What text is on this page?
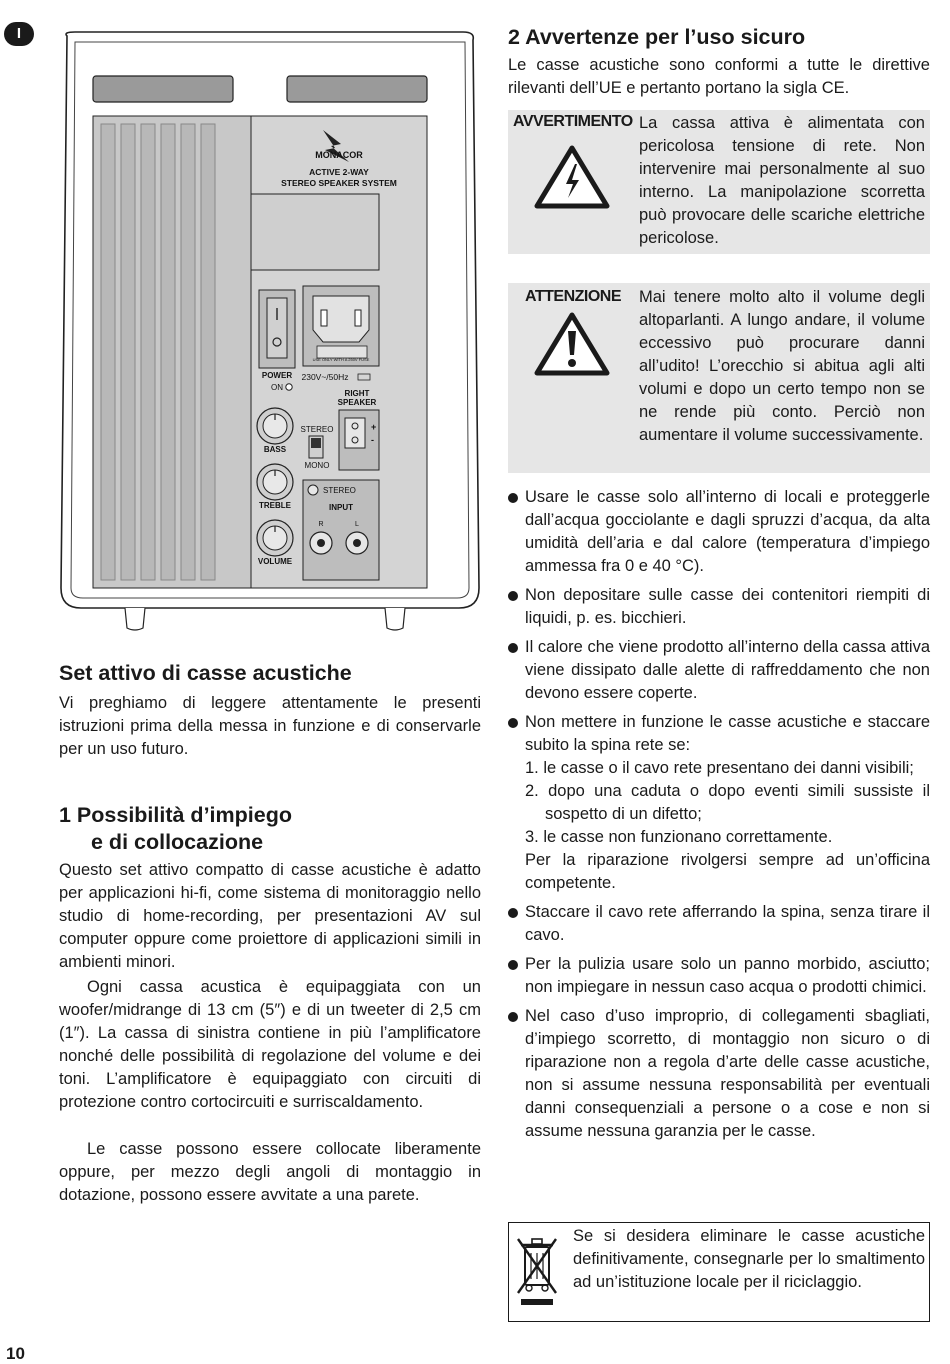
I
MONACOR
ACTIVE 2-WAY
STEREO SPEAKER SYSTEM
POWER
ON
USE ONLY WITH A 250V FUSE
230V~/50Hz
BASS
STEREO
MONO
RIGHT
SPEAKER
+
-
TREBLE
STEREO
INPUT
R	L
VOLUME
Set attivo di casse acustiche

Vi preghiamo di leggere attentamente le presenti istruzioni prima della messa in funzione e di conservarle per un uso futuro.

1 Possibilità d’impiego
e di collocazione

Questo set attivo compatto di casse acustiche è adatto per applicazioni hi-fi, come sistema di monitoraggio nello studio di home-recording, per presentazioni AV sul computer oppure come proiettore di applicazioni simili in ambienti minori.

Ogni cassa acustica è equipaggiata con un woofer/midrange di 13 cm (5″) e di un tweeter di 2,5 cm (1″). La cassa di sinistra contiene in più l’amplificatore nonché delle possibilità di regolazione del volume e dei toni. L’amplificatore è equipaggiato con circuiti di protezione contro cortocircuiti e surriscaldamento.

Le casse possono essere collocate liberamente oppure, per mezzo degli angoli di montaggio in dotazione, possono essere avvitate a una parete.

2 Avvertenze per l’uso sicuro

Le casse acustiche sono conformi a tutte le direttive rilevanti dell’UE e pertanto portano la sigla CE.

AVVERTIMENTO La cassa attiva è alimentata con pericolosa tensione di rete. Non intervenire mai personalmente al suo interno. La manipolazione scorretta può provocare delle scariche elettriche pericolose.

ATTENZIONE Mai tenere molto alto il volume degli altoparlanti. A lungo andare, il volume eccessivo può procurare danni all’udito! L’orecchio si abitua agli alti volumi e dopo un certo tempo non se ne rende più conto. Perciò non aumentare il volume successivamente.

Usare le casse solo all’interno di locali e proteggerle dall’acqua gocciolante e dagli spruzzi d’acqua, da alta umidità dell’aria e dal calore (temperatura d’impiego ammessa fra 0 e 40 °C).
Non depositare sulle casse dei contenitori riempiti di liquidi, p. es. bicchieri.
Il calore che viene prodotto all’interno della cassa attiva viene dissipato dalle alette di raffreddamento che non devono essere coperte.
Non mettere in funzione le casse acustiche e staccare subito la spina rete se:
1. le casse o il cavo rete presentano dei danni visibili;
2. dopo una caduta o dopo eventi simili sussiste il sospetto di un difetto;
3. le casse non funzionano correttamente.
Per la riparazione rivolgersi sempre ad un’officina competente.
Staccare il cavo rete afferrando la spina, senza tirare il cavo.
Per la pulizia usare solo un panno morbido, asciutto; non impiegare in nessun caso acqua o prodotti chimici.
Nel caso d’uso improprio, di collegamenti sbagliati, d’impiego scorretto, di montaggio non sicuro o di riparazione non a regola d’arte delle casse acustiche, non si assume nessuna responsabilità per eventuali danni consequenziali a persone o a cose e non si assume nessuna garanzia per le casse.

Se si desidera eliminare le casse acustiche definitivamente, consegnarle per lo smaltimento ad un’istituzione locale per il riciclaggio.

10
